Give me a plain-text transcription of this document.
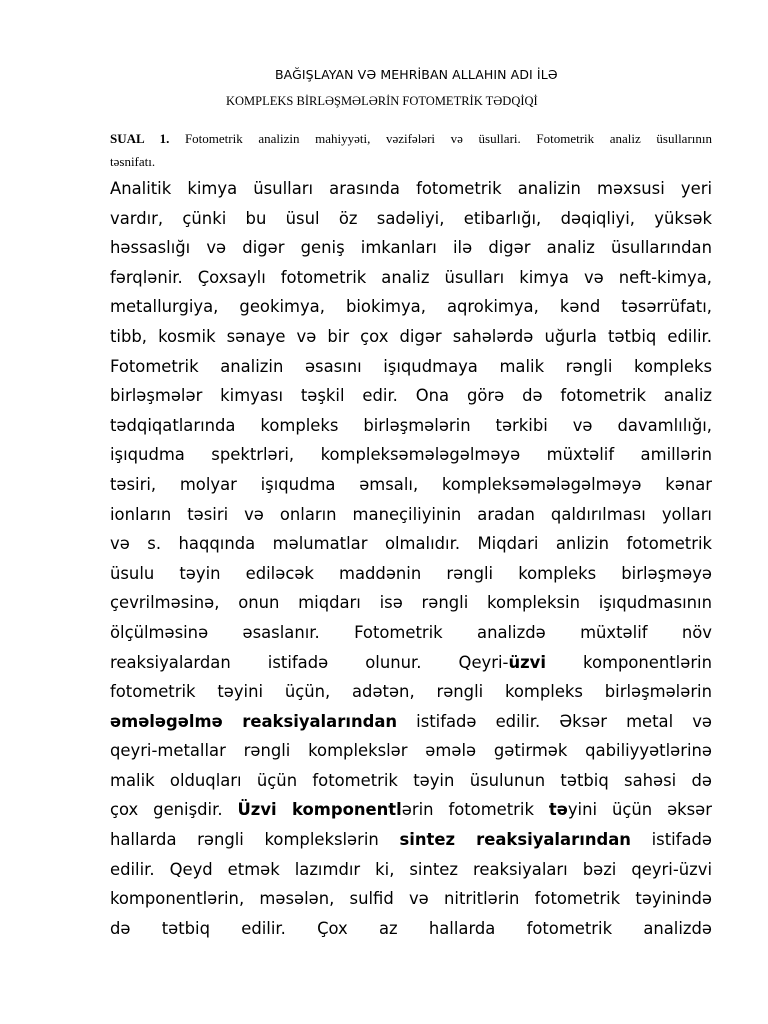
BAĞIŞLAYAN VƏ MEHRİBAN ALLAHIN ADI İLƏ
KOMPLEKS BİRLƏŞMƏLƏRİN FOTOMETRİK TƏDQİQİ
SUAL 1. Fotometrik analizin mahiyyəti, vəzifələri və üsullari. Fotometrik analiz üsullarının
təsnifatı.
Analitik kimya üsulları arasında fotometrik analizin məxsusi yeri
vardır, çünki bu üsul öz sadəliyi, etibarlığı, dəqiqliyi, yüksək
həssaslığı və digər geniş imkanları ilə digər analiz üsullarından
fərqlənir. Çoxsaylı fotometrik analiz üsulları kimya və neft-kimya,
metallurgiya, geokimya, biokimya, aqrokimya, kənd təsərrüfatı,
tibb, kosmik sənaye və bir çox digər sahələrdə uğurla tətbiq edilir.
Fotometrik analizin əsasını işıqudmaya malik rəngli kompleks
birləşmələr kimyası təşkil edir. Ona görə də fotometrik analiz
tədqiqatlarında kompleks birləşmələrin tərkibi və davamlılığı,
işıqudma spektrləri, kompleksəmələgəlməyə müxtəlif amillərin
təsiri, molyar işıqudma əmsalı, kompleksəmələgəlməyə kənar
ionların təsiri və onların maneçiliyinin aradan qaldırılması yolları
və s. haqqında məlumatlar olmalıdır. Miqdari anlizin fotometrik
üsulu təyin ediləcək maddənin rəngli kompleks birləşməyə
çevrilməsinə, onun miqdarı isə rəngli kompleksin işıqudmasının
ölçülməsinə əsaslanır. Fotometrik analizdə müxtəlif növ
reaksiyalardan istifadə olunur. Qeyri-üzvi komponentlərin
fotometrik təyini üçün, adətən, rəngli kompleks birləşmələrin
əmələgəlmə reaksiyalarından istifadə edilir. Əksər metal və
qeyri-metallar rəngli komplekslər əmələ gətirmək qabiliyyətlərinə
malik olduqları üçün fotometrik təyin üsulunun tətbiq sahəsi də
çox genişdir. Üzvi komponentlərin fotometrik təyini üçün əksər
hallarda rəngli komplekslərin sintez reaksiyalarından istifadə
edilir. Qeyd etmək lazımdır ki, sintez reaksiyaları bəzi qeyri-üzvi
komponentlərin, məsələn, sulfid və nitritlərin fotometrik təyinində
də tətbiq edilir. Çox az hallarda fotometrik analizdə
